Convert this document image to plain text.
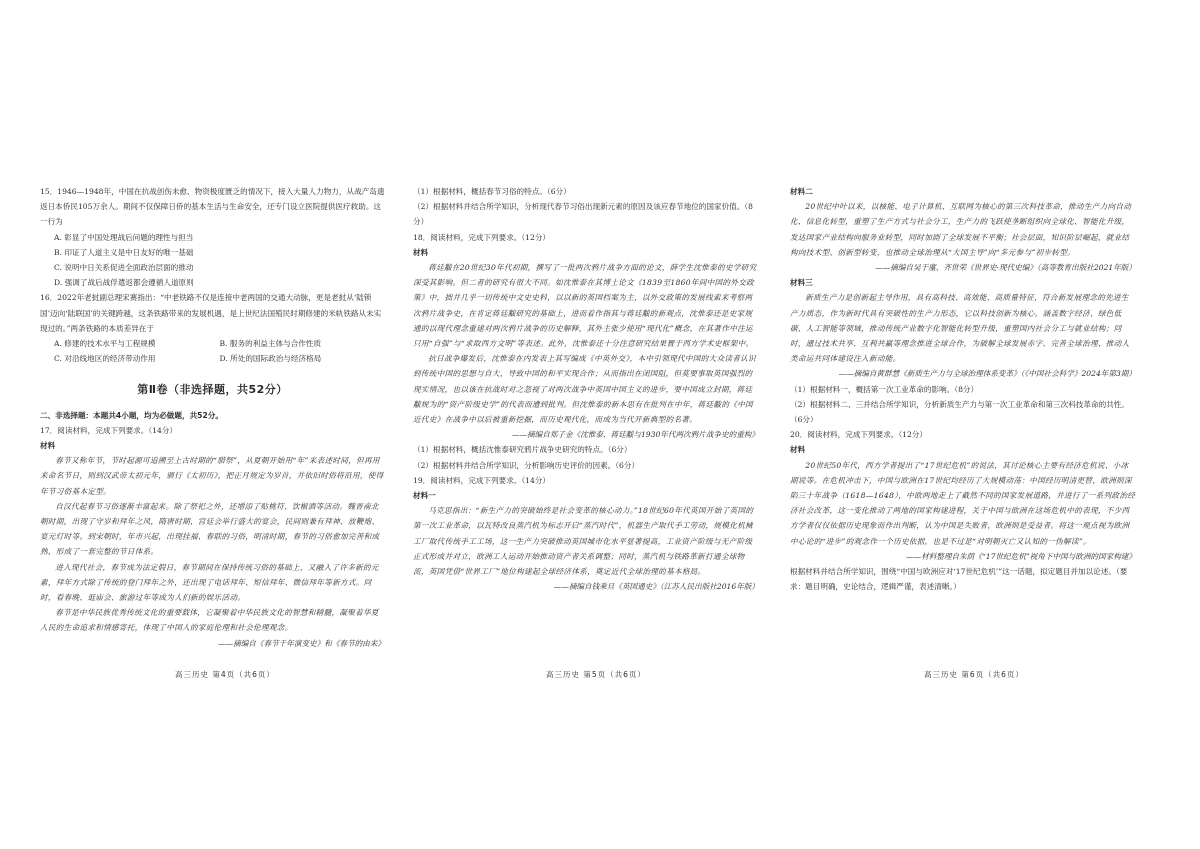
15．1946—1948年，中国在抗战创伤未愈、物资极度匮乏的情况下，接入大量人力物力，从战产岛遗返日本侨民105万余人。期间不仅保障日侨的基本生活与生命安全，还专门设立医院提供医疗救助。这一行为

A. 彰显了中国处理战后问题的理性与担当

B. 印证了人道主义是中日友好的唯一基础

C. 说明中日关系促进全面政治层面的推动

D. 强调了战后战俘遣返都会遵循人道原则

16．2022年老挝副总理宋赛指出：“中老铁路不仅是连接中老两国的交通大动脉，更是老挝从‘陆锁国’迈向‘陆联国’的关键跨越，这条铁路带来的发展机遇，是上世纪法国殖民时期修建的米轨铁路从未实现过的。”两条铁路的本质差异在于

A. 修建的技术水平与工程规模	B. 服务的利益主体与合作性质
C. 对沿线地区的经济带动作用	D. 所处的国际政治与经济格局
第Ⅱ卷（非选择题，共52分）

二、非选择题：本题共4小题，均为必做题，共52分。

17．阅读材料，完成下列要求。（14分）

材料

春节又称年节，节时起源可追溯至上古时期的“腊祭”，从夏朝开始用“年”来表述时间，但再用来命名节日，则到汉武帝太初元年，颁行《太初历》，把正月规定为岁首，并依旧时俗将沿用，使得年节习俗基本定型。

自汉代起春节习俗逐渐丰富起来。除了祭祀之外，还增添了贴桃符、饮椒酒等活动。魏晋南北朝时期，出现了守岁和拜年之风，隋唐时期，宫廷会举行盛大的宴会，民间则兼有拜神、放鞭炮、宴元灯时等。到宋朝时，年市兴起，出现挂福、春联的习俗，明清时期，春节的习俗愈加完善和成熟，形成了一套完整的节日体系。

进入现代社会，春节成为法定假日，春节期间在保持传统习俗的基础上，又融入了许多新的元素，拜年方式除了传统的登门拜年之外，还出现了电话拜年、短信拜年、微信拜年等新方式。同时，看春晚、逛庙会、旅游过年等成为人们新的娱乐活动。

春节是中华民族优秀传统文化的重要载体，它凝聚着中华民族文化的智慧和精髓，凝聚着华夏人民的生命追求和情感寄托，体现了中国人的家庭伦理和社会伦理观念。

——摘编自《春节千年演变史》和《春节的由来》

（1）根据材料，概括春节习俗的特点。（6分）

（2）根据材料并结合所学知识，分析现代春节习俗出现新元素的原因及该应春节地位的国家价值。（8分）

18．阅读材料，完成下列要求。（12分）

材料

蒋廷黻在20世纪30年代初期，撰写了一批两次鸦片战争方面的论文，薛学生沈惟泰的史学研究深受其影响。但二者的研究有很大不同。如沈惟泰在其博士论文《1839至1860年间中国的外交政策》中，拙并几乎一切传统中文史史料，以以新的英国档案为主，以外交政策的发展线索来考察两次鸦片战争史，在肯定蒋廷黻研究的基础上，进而着作指其与蒋廷黻的新观点，沈惟泰还是史家规通的以现代理念重建对两次鸦片战争的历史解释，其外主张少使用“现代化”概念，在其著作中注运只用“自强”与“求取西方文明”等表述。此外，沈惟泰还十分注意研究结果置于西方学术史框架中。

抗日战争爆发后，沈惟泰在内发表上其写编成《中英外交》，本中引领现代中国的大众读者认识到传统中国的思想与自大，导致中国的和平实现合作；从而指出在闭国阻，但莫要事取英国强烈的现实情况，也以该在抗战时对之忽视了对两次战争中英国中国主义的进步，要中国成立封期，蒋廷黻规为的“资产阶级史学”的代表而遭到批判。但沈惟泰的新本思有在批判在中年，蒋廷黻的《中国近代史》在战争中以后被重新挖掘，而历史观代化，而成为当代开新典型的名著。

——摘编自郑子金《沈惟泰、蒋廷黻与1930年代两次鸦片战争史的重构》

（1）根据材料，概括沈惟泰研究鸦片战争史研究的特点。（6分）

（2）根据材料并结合所学知识，分析影响历史评价的因素。（6分）

19．阅读材料，完成下列要求。（14分）

材料一

马克思指出：“新生产力的突破始终是社会变革的核心动力。”18世纪60年代英国开始了英国的第一次工业革命，以瓦特改良蒸汽机为标志开启“蒸汽时代”，机器生产取代手工劳动，规模化机械工厂取代传统手工工场，这一生产力突破推动英国城市化水平显著提高，工业资产阶级与无产阶级正式形成并对立，欧洲工人运动开始推动资产者关系调整；同时，蒸汽机与铁路革新打通全球物流，英国凭借“世界工厂”地位构建起全球经济体系，奠定近代全球治理的基本格局。

——摘编自钱乘旦《英国通史》（江苏人民出版社2016年版）

材料二

20世纪中叶以来，以核能、电子计算机、互联网为核心的第三次科技革命，推动生产力向自动化、信息化转型，重塑了生产方式与社会分工，生产力的飞跃使垄断组织向全球化、智能化升级，发达国家产业结构向服务业转型，同时加剧了全球发展不平衡；社会层面，知识阶层崛起，就业结构向技术型、创新型转变，也推动全球治理从“大国主导”向“多元参与”初步转型。

——摘编自吴于廑、齐世荣《世界史·现代史编》（高等教育出版社2021年版）

材料三

新质生产力是创新起主导作用，具有高科技、高效能、高质量特征，符合新发展理念的先进生产力质态，作为新时代具有突破性的生产力形态，它以科技创新为核心，涵盖数字经济、绿色低碳、人工智能等领域，推动传统产业数字化智能化转型升级，重塑国内社会分工与就业结构；同时，通过技术共享、互利共赢等理念推进全球合作，为破解全球发展赤字、完善全球治理、推动人类命运共同体建设注入新动能。

——摘编自黄群慧《新质生产力与全球治理体系变革》（《中国社会科学》2024年第3期）

（1）根据材料一，概括第一次工业革命的影响。（8分）

（2）根据材料二、三并结合所学知识，分析新质生产力与第一次工业革命和第三次科技革命的共性。（6分）

20．阅读材料，完成下列要求。（12分）

材料

20世纪50年代，西方学者提出了“17世纪危机”的说法，其讨论核心主要有经济危机说、小冰期说等。在危机冲击下，中国与欧洲在17世纪均经历了大规模动荡：中国经历明清更替，欧洲则深陷三十年战争（1618—1648），中欧两地走上了截然不同的国家发展道路，并进行了一系列政治经济社会改革，这一变化推动了两地的国家构建进程，关于中国与欧洲在这场危机中的表现，不少西方学者仅仅依据历史现象而作出判断，认为中国是失败者，欧洲则是受益者。将这一观点视为欧洲中心论的“进步”的观念作一个历史依据，也是不过是“对明朝灭亡又认知的一伪解读”。

——材料整理自朱荫《“17世纪危机”视角下中国与欧洲的国家构建》

根据材料并结合所学知识，围绕“中国与欧洲应对‘17世纪危机’”这一话题，拟定题目并加以论述。（要求：题目明确，史论结合，逻辑严谨，表述清晰。）

高三历史 第4页（共6页）	高三历史 第5页（共6页）	高三历史 第6页（共6页）
